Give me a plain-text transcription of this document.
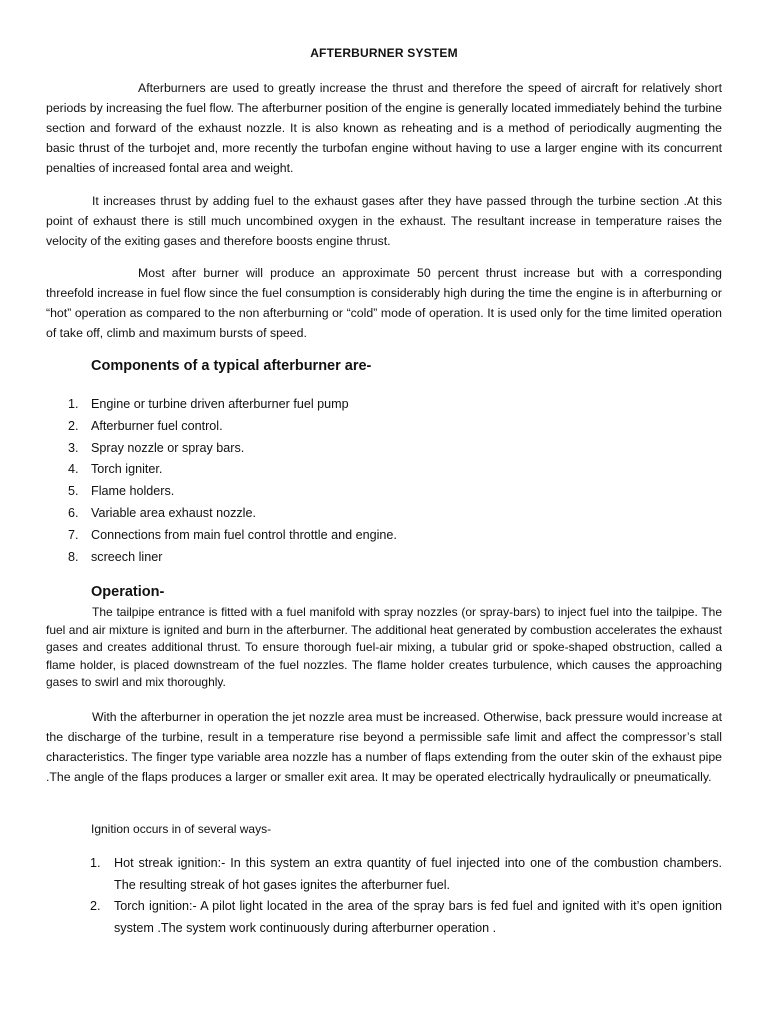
AFTERBURNER SYSTEM

Afterburners are used to greatly increase the thrust and therefore the speed of aircraft for relatively short periods by increasing the fuel flow. The afterburner position of the engine is generally located immediately behind the turbine section and forward of the exhaust nozzle. It is also known as reheating and is a method of periodically augmenting the basic thrust of the turbojet and, more recently the turbofan engine without having to use a larger engine with its concurrent penalties of increased fontal area and weight.

It increases thrust by adding fuel to the exhaust gases after they have passed through the turbine section .At this point of exhaust there is still much uncombined oxygen in the exhaust. The resultant increase in temperature raises the velocity of the exiting gases and therefore boosts engine thrust.

Most after burner will produce an approximate 50 percent thrust increase but with a corresponding threefold increase in fuel flow since the fuel consumption is considerably high during the time the engine is in afterburning or “hot” operation as compared to the non afterburning or “cold” mode of operation. It is used only for the time limited operation of take off, climb and maximum bursts of speed.

Components of a typical afterburner are-
1. Engine or turbine driven afterburner fuel pump
2. Afterburner fuel control.
3. Spray nozzle or spray bars.
4. Torch igniter.
5. Flame holders.
6. Variable area exhaust nozzle.
7. Connections from main fuel control throttle and engine.
8. screech liner
Operation-

The tailpipe entrance is fitted with a fuel manifold with spray nozzles (or spray-bars) to inject fuel into the tailpipe. The fuel and air mixture is ignited and burn in the afterburner. The additional heat generated by combustion accelerates the exhaust gases and creates additional thrust. To ensure thorough fuel-air mixing, a tubular grid or spoke-shaped obstruction, called a flame holder, is placed downstream of the fuel nozzles. The flame holder creates turbulence, which causes the approaching gases to swirl and mix thoroughly.

With the afterburner in operation the jet nozzle area must be increased. Otherwise, back pressure would increase at the discharge of the turbine, result in a temperature rise beyond a permissible safe limit and affect the compressor’s stall characteristics. The finger type variable area nozzle has a number of flaps extending from the outer skin of the exhaust pipe .The angle of the flaps produces a larger or smaller exit area. It may be operated electrically hydraulically or pneumatically.

Ignition occurs in of several ways-

1. Hot streak ignition:- In this system an extra quantity of fuel injected into one of the combustion chambers. The resulting streak of hot gases ignites the afterburner fuel.
2. Torch ignition:- A pilot light located in the area of the spray bars is fed fuel and ignited with it’s open ignition system .The system work continuously during afterburner operation .
